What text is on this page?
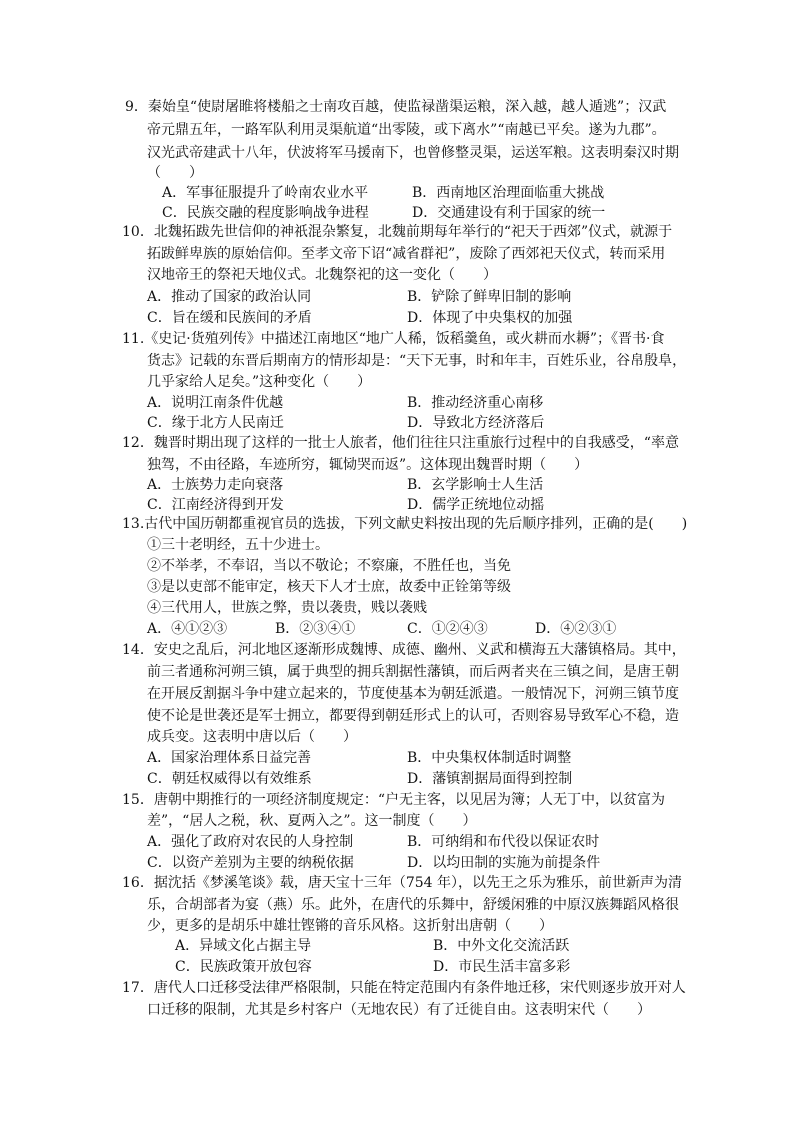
9．秦始皇“使尉屠睢将楼船之士南攻百越，使监禄凿渠运粮，深入越，越人遁逃”；汉武
帝元鼎五年，一路军队利用灵渠航道“出零陵，或下离水”“南越已平矣。遂为九郡”。
汉光武帝建武十八年，伏波将军马援南下，也曾修整灵渠，运送军粮。这表明秦汉时期
（　　）
A．军事征服提升了岭南农业水平	B．西南地区治理面临重大挑战
C．民族交融的程度影响战争进程	D．交通建设有利于国家的统一
10．北魏拓跋先世信仰的神祇混杂繁复，北魏前期每年举行的“祀天于西郊”仪式，就源于
拓跋鲜卑族的原始信仰。至孝文帝下诏“减省群祀”，废除了西郊祀天仪式，转而采用
汉地帝王的祭祀天地仪式。北魏祭祀的这一变化（　　）
A．推动了国家的政治认同	B．铲除了鲜卑旧制的影响
C．旨在缓和民族间的矛盾	D．体现了中央集权的加强
11.《史记·货殖列传》中描述江南地区“地广人稀，饭稻羹鱼，或火耕而水耨”；《晋书·食
货志》记载的东晋后期南方的情形却是：“天下无事，时和年丰，百姓乐业，谷帛殷阜，
几乎家给人足矣。”这种变化（　　）
A．说明江南条件优越	B．推动经济重心南移
C．缘于北方人民南迁	D．导致北方经济落后
12．魏晋时期出现了这样的一批士人旅者，他们往往只注重旅行过程中的自我感受，“率意
独驾，不由径路，车迹所穷，辄恸哭而返”。这体现出魏晋时期（　　）
A．士族势力走向衰落	B．玄学影响士人生活
C．江南经济得到开发	D．儒学正统地位动摇
13.古代中国历朝都重视官员的选拔，下列文献史料按出现的先后顺序排列，正确的是(　　)
①三十老明经，五十少进士。
②不举孝，不奉诏，当以不敬论；不察廉，不胜任也，当免
③是以吏部不能审定，核天下人才士庶，故委中正铨第等级
④三代用人，世族之弊，贵以袭贵，贱以袭贱
A．④①②③	B．②③④①	C．①②④③	D．④②③①
14．安史之乱后，河北地区逐渐形成魏博、成德、幽州、义武和横海五大藩镇格局。其中，
前三者通称河朔三镇，属于典型的拥兵割据性藩镇，而后两者夹在三镇之间，是唐王朝
在开展反割据斗争中建立起来的，节度使基本为朝廷派遣。一般情况下，河朔三镇节度
使不论是世袭还是军士拥立，都要得到朝廷形式上的认可，否则容易导致军心不稳，造
成兵变。这表明中唐以后（　　）
A．国家治理体系日益完善	B．中央集权体制适时调整
C．朝廷权威得以有效维系	D．藩镇割据局面得到控制
15．唐朝中期推行的一项经济制度规定：“户无主客，以见居为簿；人无丁中，以贫富为
差”，“居人之税，秋、夏两入之”。这一制度（　　）
A．强化了政府对农民的人身控制	B．可纳绢和布代役以保证农时
C．以资产差别为主要的纳税依据	D．以均田制的实施为前提条件
16．据沈括《梦溪笔谈》载，唐天宝十三年（754 年），以先王之乐为雅乐，前世新声为清
乐，合胡部者为宴（燕）乐。此外，在唐代的乐舞中，舒缓闲雅的中原汉族舞蹈风格很
少，更多的是胡乐中雄壮铿锵的音乐风格。这折射出唐朝（　　）
A．异域文化占据主导	B．中外文化交流活跃
C．民族政策开放包容	D．市民生活丰富多彩
17．唐代人口迁移受法律严格限制，只能在特定范围内有条件地迁移，宋代则逐步放开对人
口迁移的限制，尤其是乡村客户（无地农民）有了迁徙自由。这表明宋代（　　）
